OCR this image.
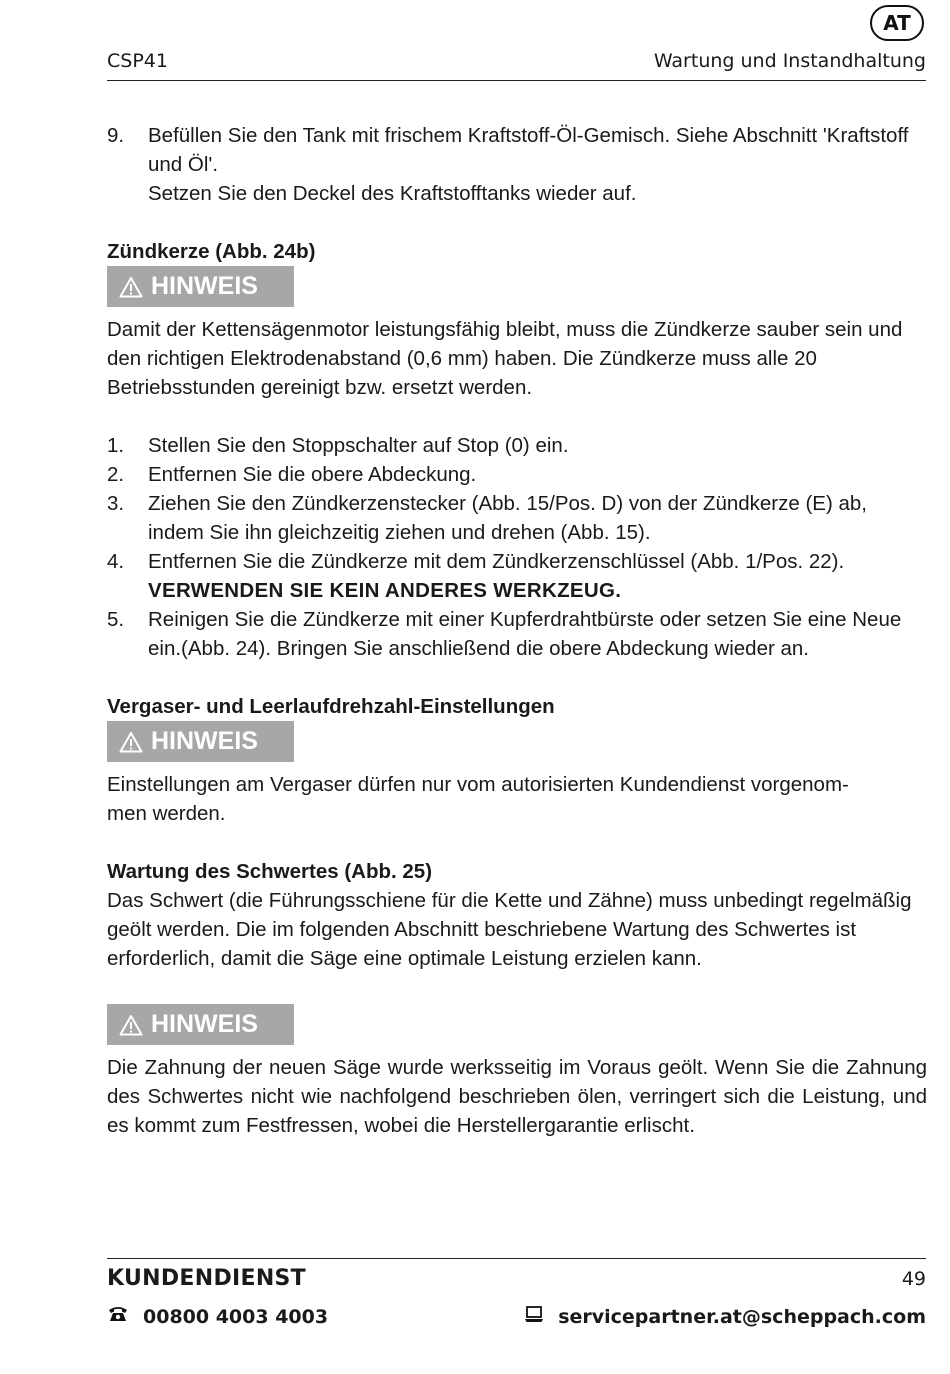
AT
CSP41	Wartung und Instandhaltung
9.	Befüllen Sie den Tank mit frischem Kraftstoff-Öl-Gemisch. Siehe Abschnitt 'Kraftstoff und Öl'.
Setzen Sie den Deckel des Kraftstofftanks wieder auf.
Zündkerze (Abb. 24b)
HINWEIS

Damit der Kettensägenmotor leistungsfähig bleibt, muss die Zündkerze sauber sein und den richtigen Elektrodenabstand (0,6 mm) haben. Die Zündkerze muss alle 20 Betriebsstunden gereinigt bzw. ersetzt werden.

1.	Stellen Sie den Stoppschalter auf Stop (0) ein.
2.	Entfernen Sie die obere Abdeckung.
3.	Ziehen Sie den Zündkerzenstecker (Abb. 15/Pos. D) von der Zündkerze (E) ab, indem Sie ihn gleichzeitig ziehen und drehen (Abb. 15).
4.	Entfernen Sie die Zündkerze mit dem Zündkerzenschlüssel (Abb. 1/Pos. 22).
VERWENDEN SIE KEIN ANDERES WERKZEUG.
5.	Reinigen Sie die Zündkerze mit einer Kupferdrahtbürste oder setzen Sie eine Neue ein.(Abb. 24). Bringen Sie anschließend die obere Abdeckung wieder an.
Vergaser- und Leerlaufdrehzahl-Einstellungen
HINWEIS
Einstellungen am Vergaser dürfen nur vom autorisierten Kundendienst vorgenom-
men werden.
Wartung des Schwertes (Abb. 25)

Das Schwert (die Führungsschiene für die Kette und Zähne) muss unbedingt regelmäßig geölt werden. Die im folgenden Abschnitt beschriebene Wartung des Schwertes ist erforderlich, damit die Säge eine optimale Leistung erzielen kann.

HINWEIS

Die Zahnung der neuen Säge wurde werksseitig im Voraus geölt. Wenn Sie die Zahnung des Schwertes nicht wie nachfolgend beschrieben ölen, verringert sich die Leistung, und es kommt zum Festfressen, wobei die Herstellergarantie erlischt.

KUNDENDIENST	49
00800 4003 4003	servicepartner.at@scheppach.com
